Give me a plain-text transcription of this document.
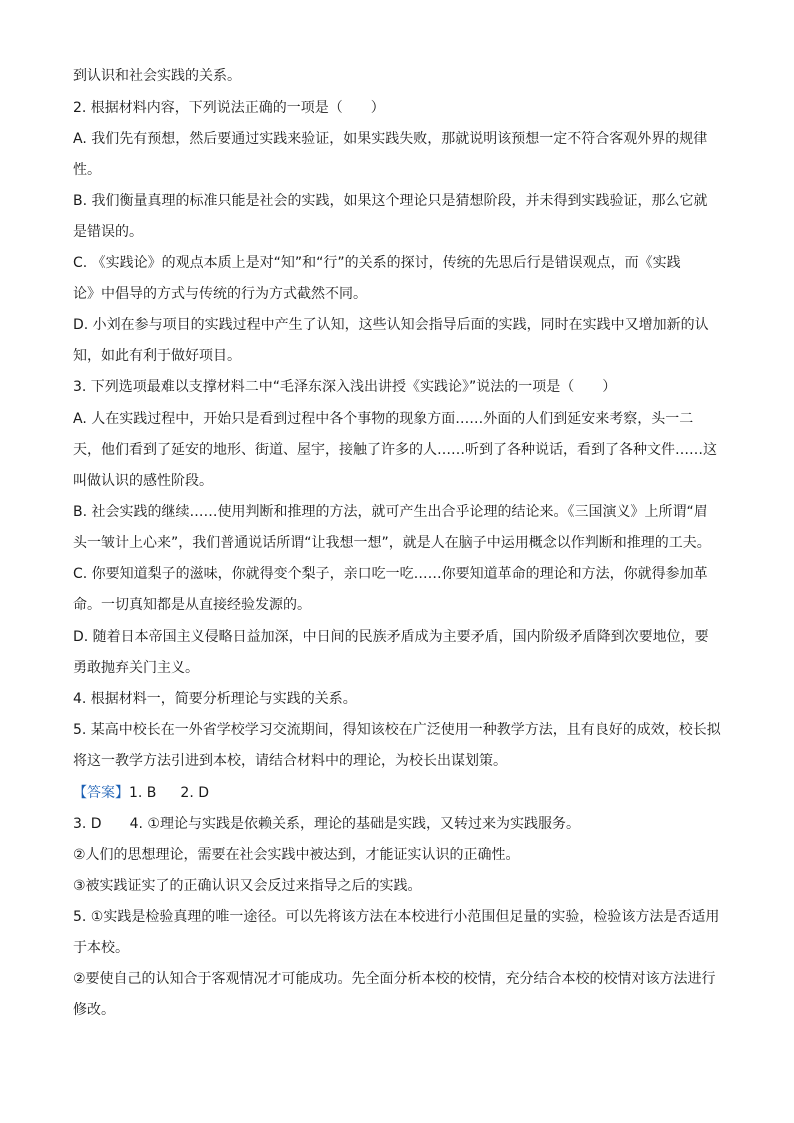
到认识和社会实践的关系。
2. 根据材料内容，下列说法正确的一项是（　　）
A. 我们先有预想，然后要通过实践来验证，如果实践失败，那就说明该预想一定不符合客观外界的规律
性。
B. 我们衡量真理的标准只能是社会的实践，如果这个理论只是猜想阶段，并未得到实践验证，那么它就
是错误的。
C. 《实践论》的观点本质上是对“知”和“行”的关系的探讨，传统的先思后行是错误观点，而《实践
论》中倡导的方式与传统的行为方式截然不同。
D. 小刘在参与项目的实践过程中产生了认知，这些认知会指导后面的实践，同时在实践中又增加新的认
知，如此有利于做好项目。
3. 下列选项最难以支撑材料二中“毛泽东深入浅出讲授《实践论》”说法的一项是（　　）
A. 人在实践过程中，开始只是看到过程中各个事物的现象方面……外面的人们到延安来考察，头一二
天，他们看到了延安的地形、街道、屋宇，接触了许多的人……听到了各种说话，看到了各种文件……这
叫做认识的感性阶段。
B. 社会实践的继续……使用判断和推理的方法，就可产生出合乎论理的结论来。《三国演义》上所谓“眉
头一皱计上心来”，我们普通说话所谓“让我想一想”，就是人在脑子中运用概念以作判断和推理的工夫。
C. 你要知道梨子的滋味，你就得变个梨子，亲口吃一吃……你要知道革命的理论和方法，你就得参加革
命。一切真知都是从直接经验发源的。
D. 随着日本帝国主义侵略日益加深，中日间的民族矛盾成为主要矛盾，国内阶级矛盾降到次要地位，要
勇敢抛弃关门主义。
4. 根据材料一，简要分析理论与实践的关系。
5. 某高中校长在一外省学校学习交流期间，得知该校在广泛使用一种教学方法，且有良好的成效，校长拟
将这一教学方法引进到本校，请结合材料中的理论，为校长出谋划策。
【答案】1. B 2. D
3. D　　4. ①理论与实践是依赖关系，理论的基础是实践，又转过来为实践服务。
②人们的思想理论，需要在社会实践中被达到，才能证实认识的正确性。
③被实践证实了的正确认识又会反过来指导之后的实践。
5. ①实践是检验真理的唯一途径。可以先将该方法在本校进行小范围但足量的实验，检验该方法是否适用
于本校。
②要使自己的认知合于客观情况才可能成功。先全面分析本校的校情，充分结合本校的校情对该方法进行
修改。
